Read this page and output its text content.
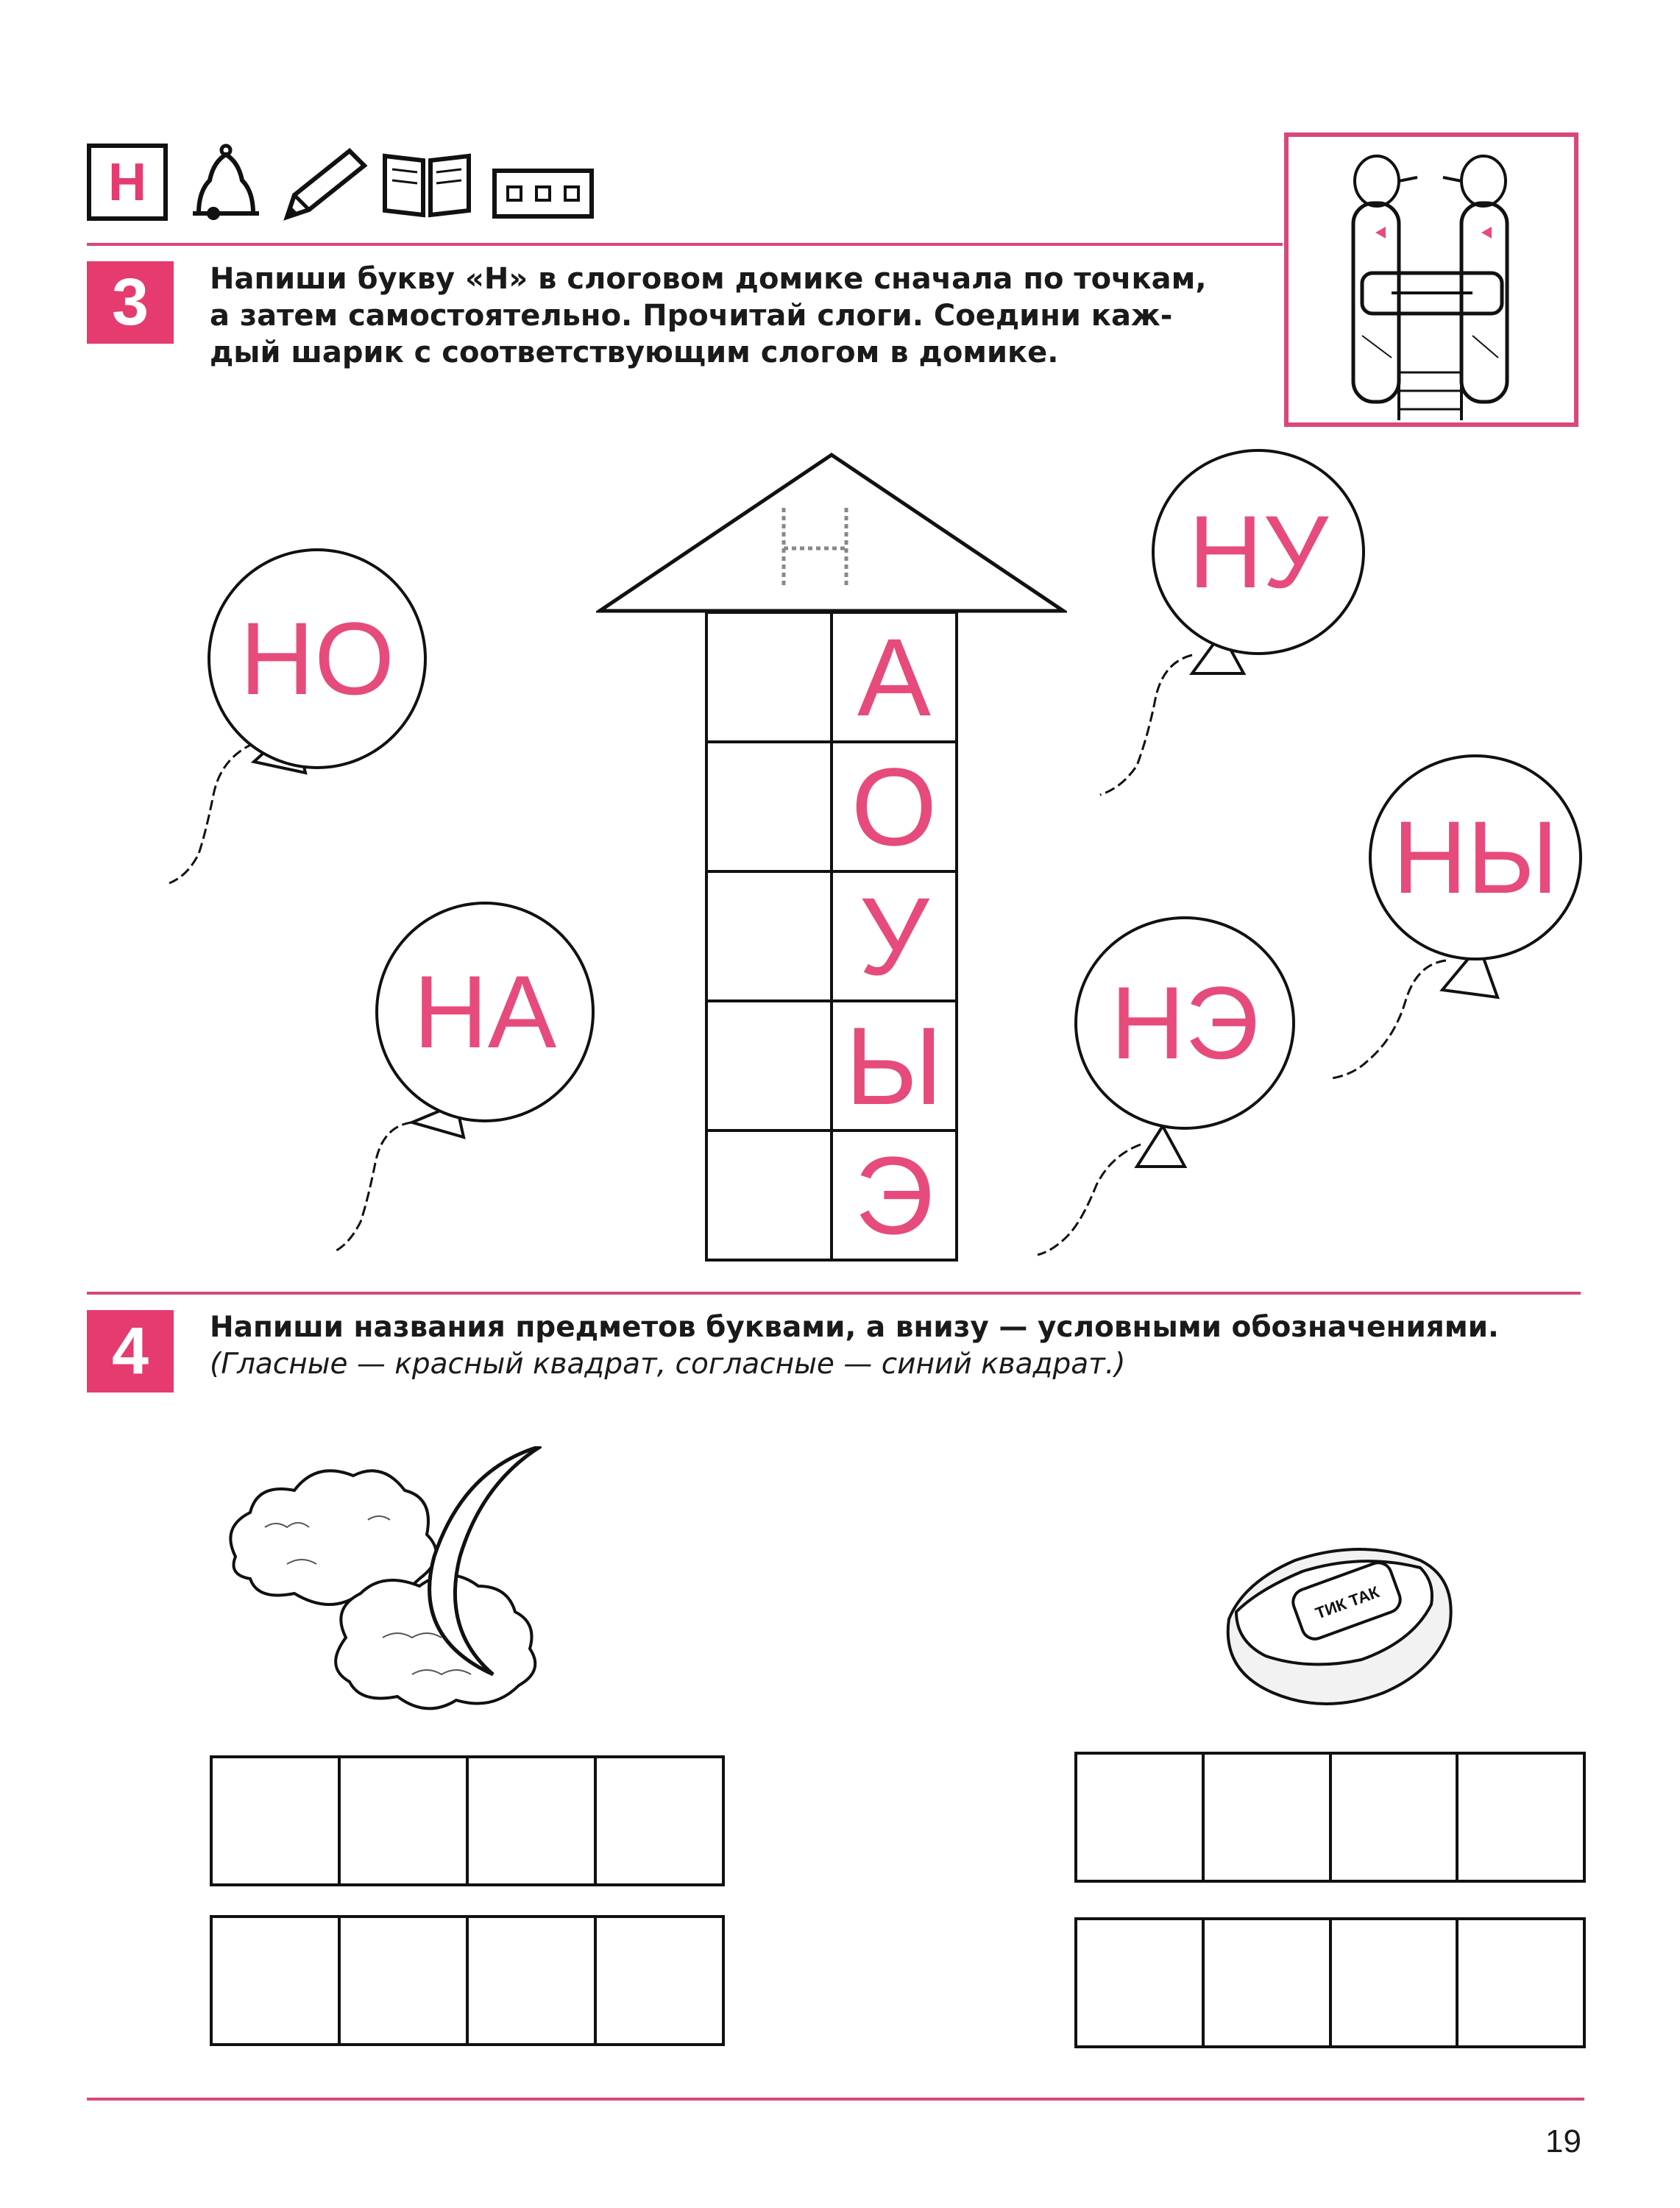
Н
3 Напиши букву «Н» в слоговом домике сначала по точкам,

а затем самостоятельно. Прочитай слоги. Соедини каж-

дый шарик с соответствующим слогом в домике.

А
О
У
Ы
Э
НО
НА
НУ
НЭ
НЫ
4 Напиши названия предметов буквами, а внизу — условными обозначениями.

(Гласные — красный квадрат, согласные — синий квадрат.)

ТИК ТАК
19
